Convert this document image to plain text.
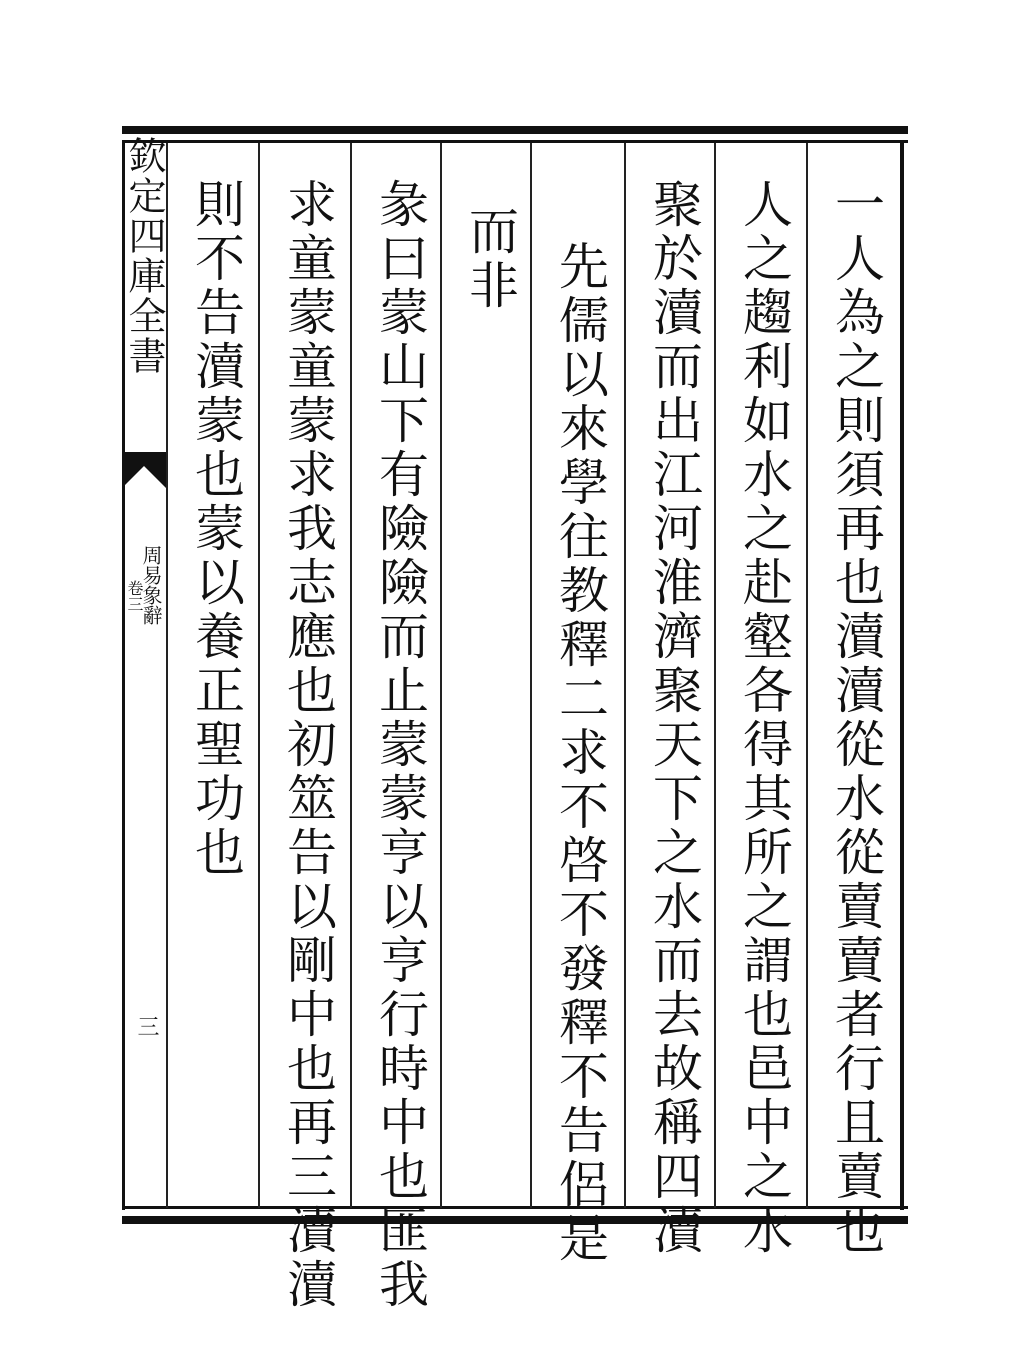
欽定四庫全書
周易象辭
卷三
三	一人為之則須再也瀆瀆從水從賣賣者行且賣也
人之趨利如水之赴壑各得其所之謂也邑中之水
聚於瀆而出江河淮濟聚天下之水而去故稱四瀆
先儒以來學往教釋二求不啓不發釋不告侶是
而非
彖曰蒙山下有險險而止蒙蒙亨以亨行時中也匪我
求童蒙童蒙求我志應也初筮告以剛中也再三瀆瀆
則不告瀆蒙也蒙以養正聖功也
